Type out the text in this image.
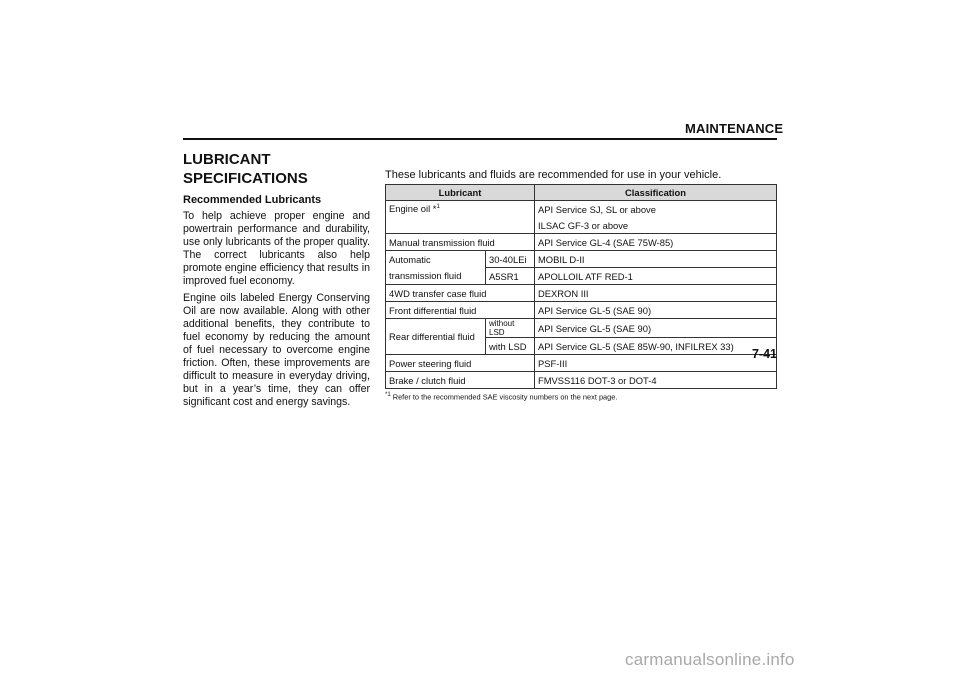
MAINTENANCE

LUBRICANT
SPECIFICATIONS

Recommended Lubricants

To help achieve proper engine and powertrain performance and durability, use only lubricants of the proper quality. The correct lubricants also help promote engine efficiency that results in improved fuel economy.

Engine oils labeled Energy Conserving Oil are now available. Along with other additional benefits, they contribute to fuel economy by reducing the amount of fuel necessary to overcome engine friction. Often, these improvements are difficult to measure in everyday driving, but in a year’s time, they can offer significant cost and energy savings.

These lubricants and fluids are recommended for use in your vehicle.

Lubricant		Classification
Engine oil *$^1$		API Service SJ, SL or above
		ILSAC GF-3 or above
Manual transmission fluid		API Service GL-4 (SAE 75W-85)
Automatic	30-40LEi	MOBIL D-II
transmission fluid	A5SR1	APOLLOIL ATF RED-1
4WD transfer case fluid		DEXRON III
Front differential fluid		API Service GL-5 (SAE 90)
Rear differential fluid	without LSD	API Service GL-5 (SAE 90)
	with LSD	API Service GL-5 (SAE 85W-90, INFILREX 33)
Power steering fluid		PSF-III
Brake / clutch fluid		FMVSS116 DOT-3 or DOT-4
$^{*1}$ Refer to the recommended SAE viscosity numbers on the next page.
7-41
carmanualsonline.info
